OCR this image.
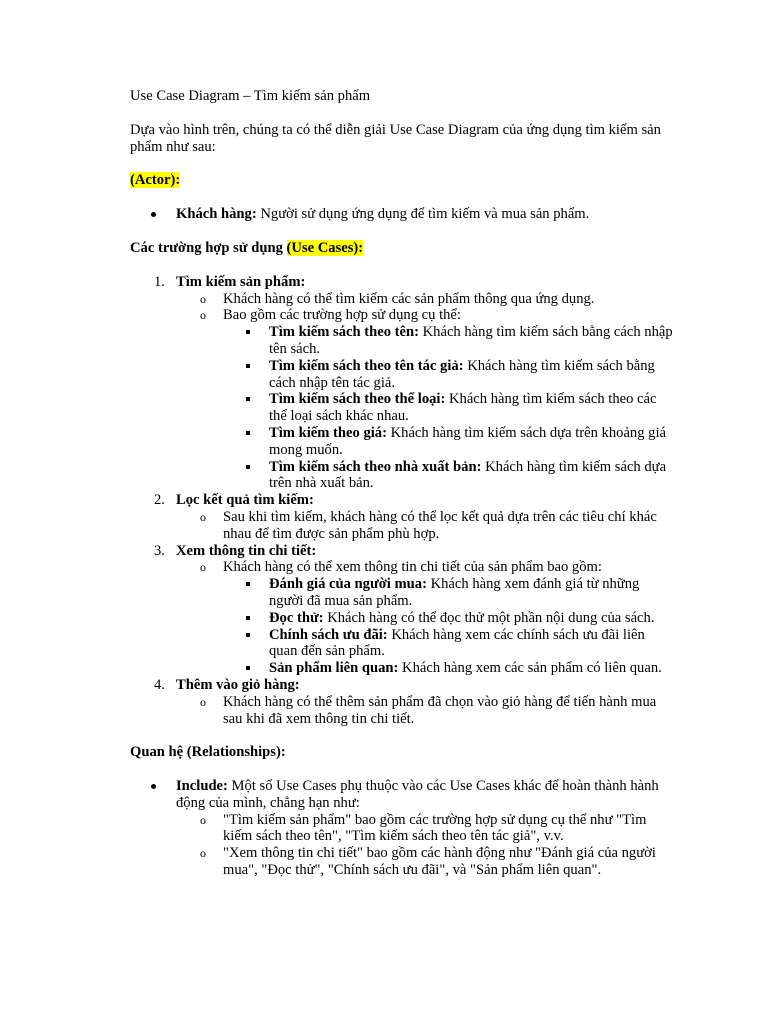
Use Case Diagram – Tìm kiếm sản phẩm

Dựa vào hình trên, chúng ta có thể diễn giải Use Case Diagram của ứng dụng tìm kiếm sản phẩm như sau:

(Actor):

Khách hàng: Người sử dụng ứng dụng để tìm kiếm và mua sản phẩm.

Các trường hợp sử dụng (Use Cases):

1. Tìm kiếm sản phẩm:
o Khách hàng có thể tìm kiếm các sản phẩm thông qua ứng dụng.
o Bao gồm các trường hợp sử dụng cụ thể:
Tìm kiếm sách theo tên: Khách hàng tìm kiếm sách bằng cách nhập tên sách.
Tìm kiếm sách theo tên tác giả: Khách hàng tìm kiếm sách bằng cách nhập tên tác giả.
Tìm kiếm sách theo thể loại: Khách hàng tìm kiếm sách theo các thể loại sách khác nhau.
Tìm kiếm theo giá: Khách hàng tìm kiếm sách dựa trên khoảng giá mong muốn.
Tìm kiếm sách theo nhà xuất bản: Khách hàng tìm kiếm sách dựa trên nhà xuất bản.
2. Lọc kết quả tìm kiếm:
o Sau khi tìm kiếm, khách hàng có thể lọc kết quả dựa trên các tiêu chí khác nhau để tìm được sản phẩm phù hợp.
3. Xem thông tin chi tiết:
o Khách hàng có thể xem thông tin chi tiết của sản phẩm bao gồm:
Đánh giá của người mua: Khách hàng xem đánh giá từ những người đã mua sản phẩm.
Đọc thử: Khách hàng có thể đọc thử một phần nội dung của sách.
Chính sách ưu đãi: Khách hàng xem các chính sách ưu đãi liên quan đến sản phẩm.
Sản phẩm liên quan: Khách hàng xem các sản phẩm có liên quan.
4. Thêm vào giỏ hàng:
o Khách hàng có thể thêm sản phẩm đã chọn vào giỏ hàng để tiến hành mua sau khi đã xem thông tin chi tiết.

Quan hệ (Relationships):

Include: Một số Use Cases phụ thuộc vào các Use Cases khác để hoàn thành hành động của mình, chẳng hạn như:
o "Tìm kiếm sản phẩm" bao gồm các trường hợp sử dụng cụ thể như "Tìm kiếm sách theo tên", "Tìm kiếm sách theo tên tác giả", v.v.
o "Xem thông tin chi tiết" bao gồm các hành động như "Đánh giá của người mua", "Đọc thử", "Chính sách ưu đãi", và "Sản phẩm liên quan".
